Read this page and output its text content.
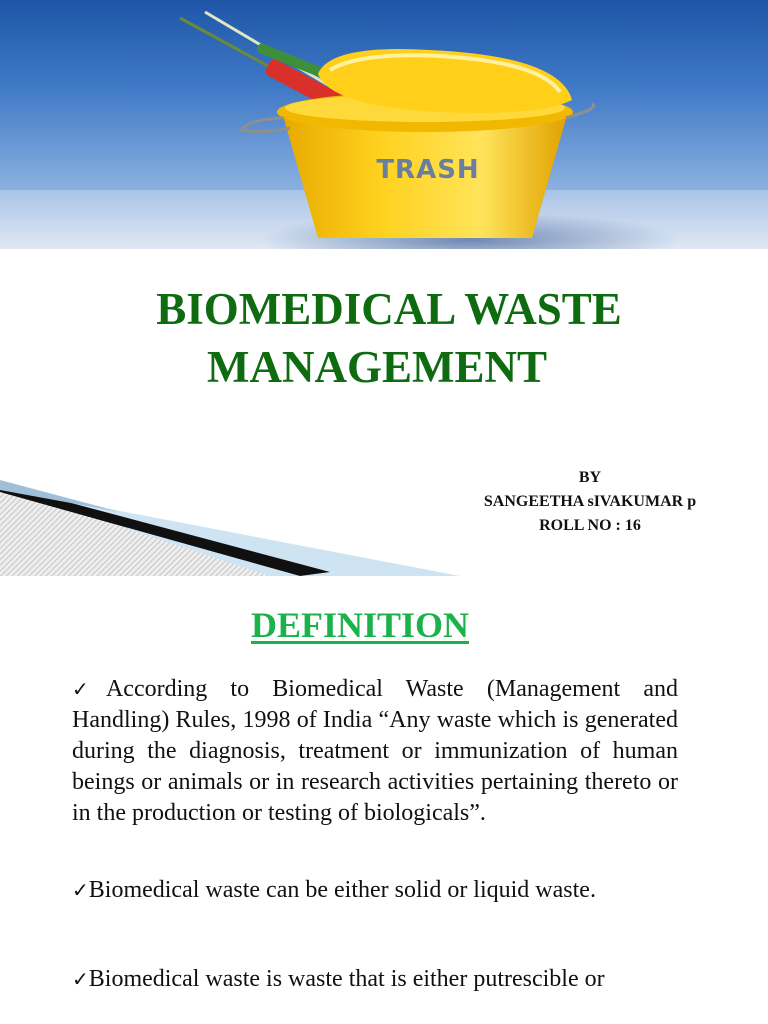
TRASH
BIOMEDICAL WASTE
MANAGEMENT
BY
SANGEETHA sIVAKUMAR p
ROLL NO : 16
DEFINITION

✓According to Biomedical Waste (Management and Handling) Rules, 1998 of India “Any waste which is generated during the diagnosis, treatment or immunization of human beings or animals or in research activities pertaining thereto or in the production or testing of biologicals”.

✓Biomedical waste can be either solid or liquid waste.

✓Biomedical waste is waste that is either putrescible or
